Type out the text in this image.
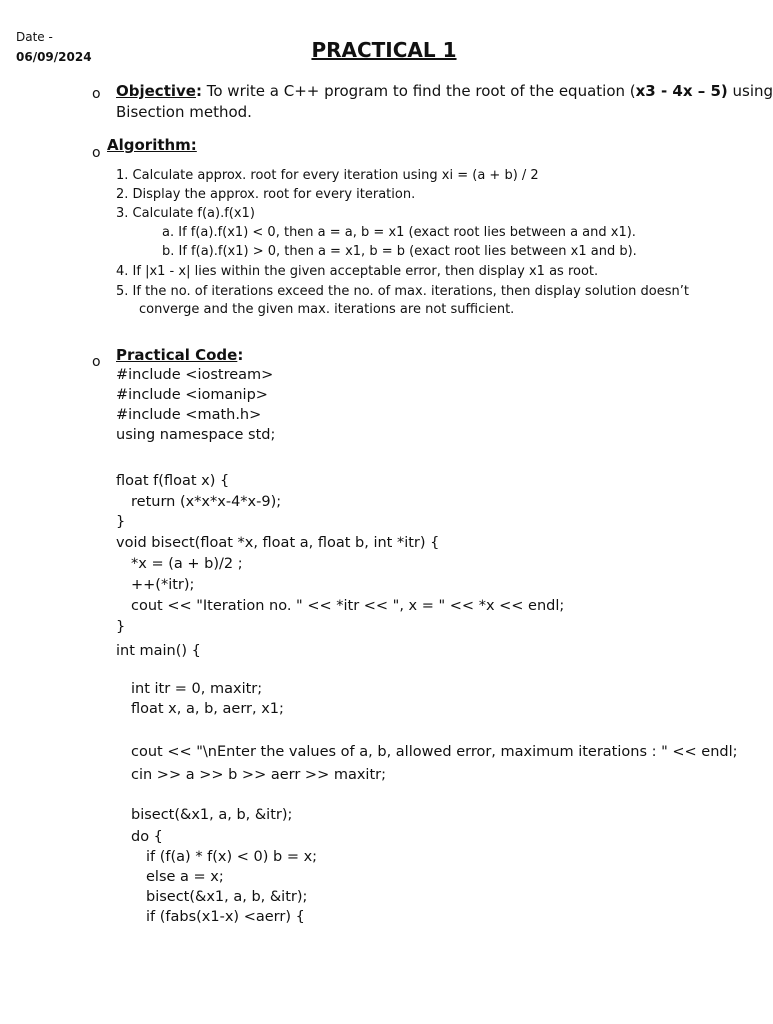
Date -
06/09/2024	PRACTICAL 1
o Objective: To write a C++ program to find the root of the equation (x3 - 4x – 5) using
Bisection method.
o Algorithm:
1. Calculate approx. root for every iteration using xi = (a + b) / 2
2. Display the approx. root for every iteration.
3. Calculate f(a).f(x1)
a. If f(a).f(x1) < 0, then a = a, b = x1 (exact root lies between a and x1).
b. If f(a).f(x1) > 0, then a = x1, b = b (exact root lies between x1 and b).
4. If |x1 - x| lies within the given acceptable error, then display x1 as root.
5. If the no. of iterations exceed the no. of max. iterations, then display solution doesn’t
converge and the given max. iterations are not sufficient.
o Practical Code:
#include <iostream>
#include <iomanip>
#include <math.h>
using namespace std;
float f(float x) {
return (x*x*x-4*x-9);
}
void bisect(float *x, float a, float b, int *itr) {
*x = (a + b)/2 ;
++(*itr);
cout << "Iteration no. " << *itr << ", x = " << *x << endl;
}
int main() {
int itr = 0, maxitr;
float x, a, b, aerr, x1;
cout << "\nEnter the values of a, b, allowed error, maximum iterations : " << endl;
cin >> a >> b >> aerr >> maxitr;
bisect(&x1, a, b, &itr);
do {
if (f(a) * f(x) < 0) b = x;
else a = x;
bisect(&x1, a, b, &itr);
if (fabs(x1-x) <aerr) {
